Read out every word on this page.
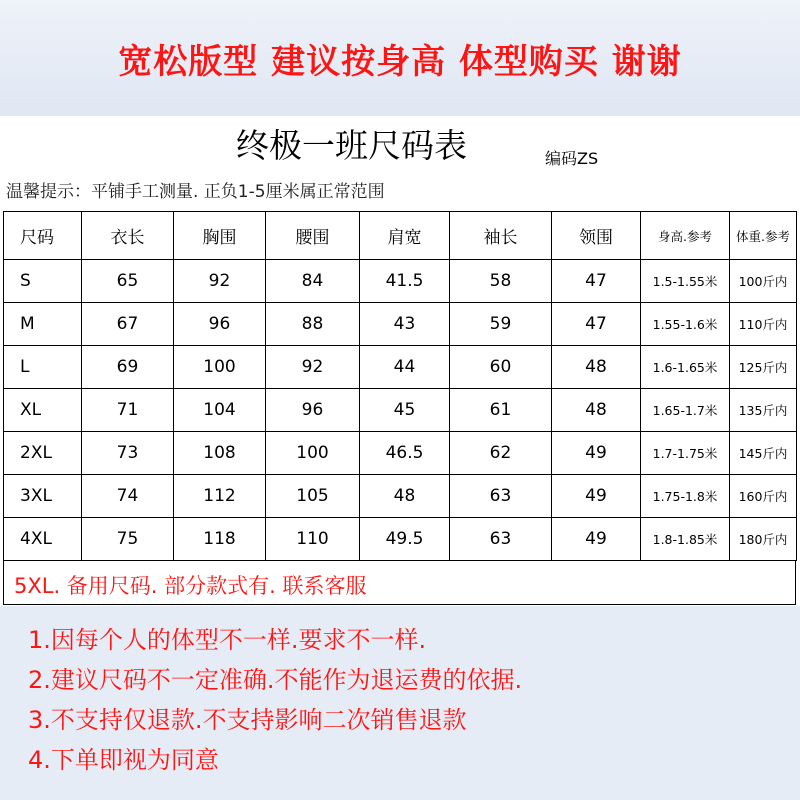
宽松版型 建议按身高 体型购买 谢谢
终极一班尺码表	编码ZS
温馨提示：平铺手工测量. 正负1-5厘米属正常范围
尺码	衣长	胸围	腰围	肩宽	袖长	领围	身高.参考	体重.参考
S	65	92	84	41.5	58	47	1.5-1.55米	100斤内
M	67	96	88	43	59	47	1.55-1.6米	110斤内
L	69	100	92	44	60	48	1.6-1.65米	125斤内
XL	71	104	96	45	61	48	1.65-1.7米	135斤内
2XL	73	108	100	46.5	62	49	1.7-1.75米	145斤内
3XL	74	112	105	48	63	49	1.75-1.8米	160斤内
4XL	75	118	110	49.5	63	49	1.8-1.85米	180斤内
5XL. 备用尺码. 部分款式有. 联系客服
1.因每个人的体型不一样.要求不一样.
2.建议尺码不一定准确.不能作为退运费的依据.
3.不支持仅退款.不支持影响二次销售退款
4.下单即视为同意
